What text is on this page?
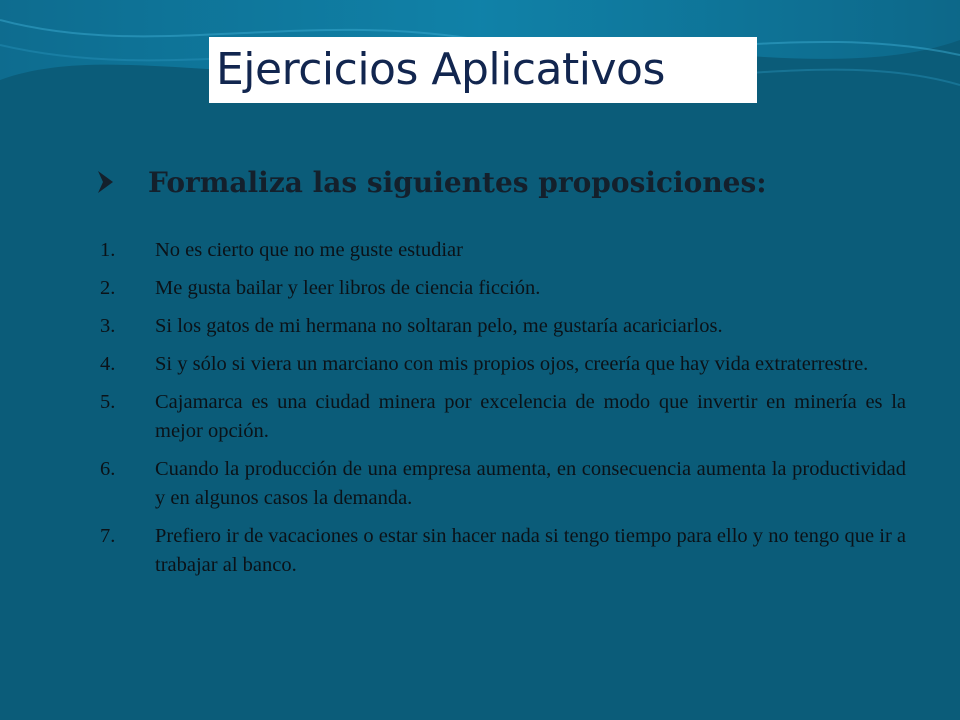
Ejercicios Aplicativos
Formaliza las siguientes proposiciones:
1.	No es cierto que no me guste estudiar
2.	Me gusta bailar y leer libros de ciencia ficción.
3.	Si los gatos de mi hermana no soltaran pelo, me gustaría acariciarlos.
4.	Si y sólo si viera un marciano con mis propios ojos, creería que hay vida extraterrestre.
5.	Cajamarca es una ciudad minera por excelencia de modo que invertir en minería es la mejor opción.
6.	Cuando la producción de una empresa aumenta, en consecuencia aumenta la productividad y en algunos casos la demanda.
7.	Prefiero ir de vacaciones o estar sin hacer nada si tengo tiempo para ello y no tengo que ir a trabajar al banco.
